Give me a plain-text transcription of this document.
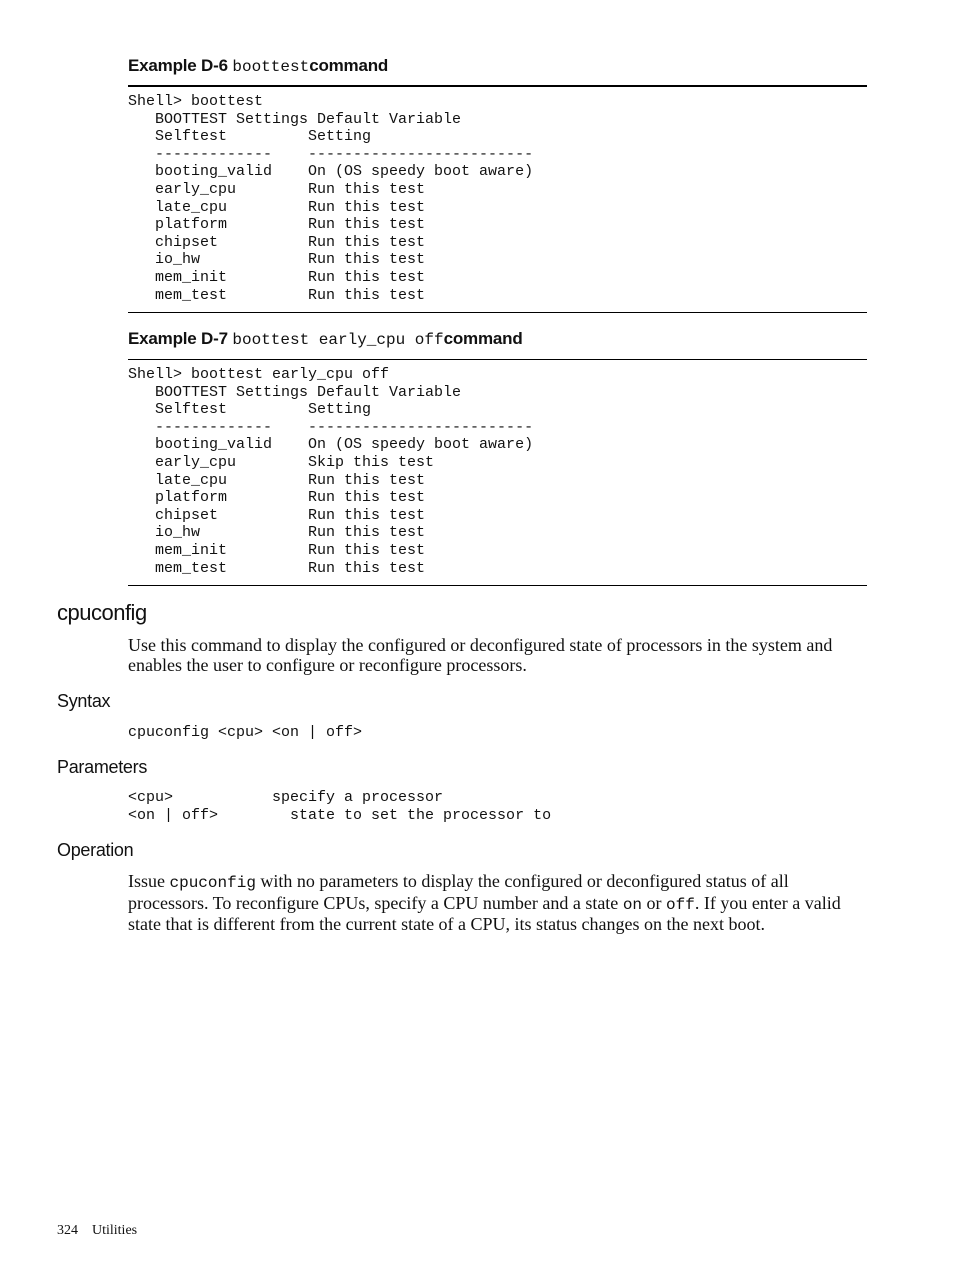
Example D-6 boottestcommand
Shell> boottest
BOOTTEST Settings Default Variable
Selftest         Setting
-------------    -------------------------
booting_valid    On (OS speedy boot aware)
early_cpu        Run this test
late_cpu         Run this test
platform         Run this test
chipset          Run this test
io_hw            Run this test
mem_init         Run this test
mem_test         Run this test
Example D-7 boottest early_cpu offcommand
Shell> boottest early_cpu off
BOOTTEST Settings Default Variable
Selftest         Setting
-------------    -------------------------
booting_valid    On (OS speedy boot aware)
early_cpu        Skip this test
late_cpu         Run this test
platform         Run this test
chipset          Run this test
io_hw            Run this test
mem_init         Run this test
mem_test         Run this test
cpuconfig

Use this command to display the configured or deconfigured state of processors in the system and enables the user to configure or reconfigure processors.

Syntax
cpuconfig <cpu> <on | off>
Parameters
<cpu>           specify a processor
<on | off>        state to set the processor to
Operation

Issue cpuconfig with no parameters to display the configured or deconfigured status of all processors. To reconfigure CPUs, specify a CPU number and a state on or off. If you enter a valid state that is different from the current state of a CPU, its status changes on the next boot.

324 Utilities
